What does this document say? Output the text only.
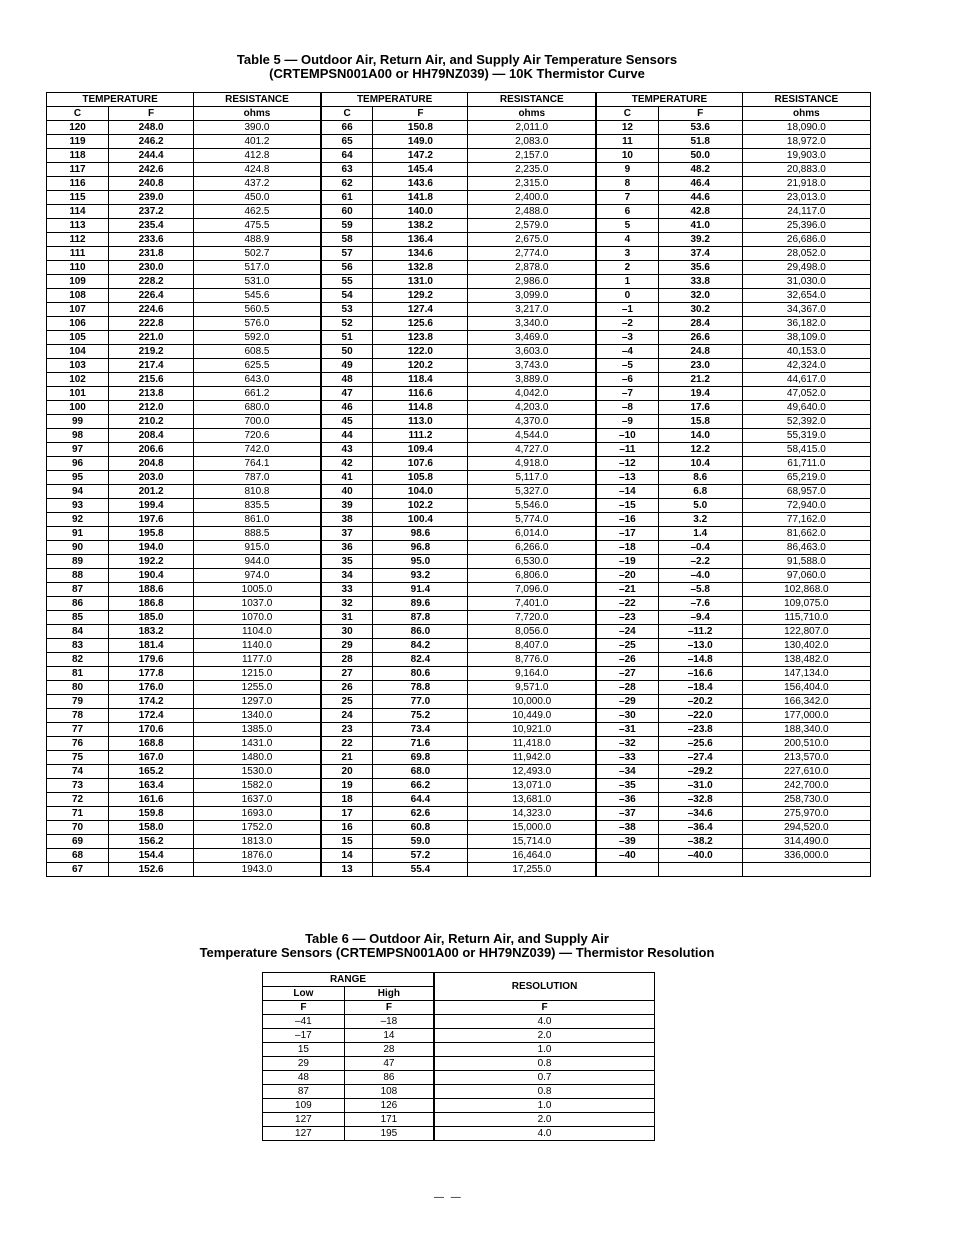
Table 5 — Outdoor Air, Return Air, and Supply Air Temperature Sensors
(CRTEMPSN001A00 or HH79NZ039) — 10K Thermistor Curve
TEMPERATURE		RESISTANCE	TEMPERATURE		RESISTANCE	TEMPERATURE		RESISTANCE
C	F	ohms	C	F	ohms	C	F	ohms
120	248.0	390.0	66	150.8	2,011.0	12	53.6	18,090.0
119	246.2	401.2	65	149.0	2,083.0	11	51.8	18,972.0
118	244.4	412.8	64	147.2	2,157.0	10	50.0	19,903.0
117	242.6	424.8	63	145.4	2,235.0	9	48.2	20,883.0
116	240.8	437.2	62	143.6	2,315.0	8	46.4	21,918.0
115	239.0	450.0	61	141.8	2,400.0	7	44.6	23,013.0
114	237.2	462.5	60	140.0	2,488.0	6	42.8	24,117.0
113	235.4	475.5	59	138.2	2,579.0	5	41.0	25,396.0
112	233.6	488.9	58	136.4	2,675.0	4	39.2	26,686.0
111	231.8	502.7	57	134.6	2,774.0	3	37.4	28,052.0
110	230.0	517.0	56	132.8	2,878.0	2	35.6	29,498.0
109	228.2	531.0	55	131.0	2,986.0	1	33.8	31,030.0
108	226.4	545.6	54	129.2	3,099.0	0	32.0	32,654.0
107	224.6	560.5	53	127.4	3,217.0	–1	30.2	34,367.0
106	222.8	576.0	52	125.6	3,340.0	–2	28.4	36,182.0
105	221.0	592.0	51	123.8	3,469.0	–3	26.6	38,109.0
104	219.2	608.5	50	122.0	3,603.0	–4	24.8	40,153.0
103	217.4	625.5	49	120.2	3,743.0	–5	23.0	42,324.0
102	215.6	643.0	48	118.4	3,889.0	–6	21.2	44,617.0
101	213.8	661.2	47	116.6	4,042.0	–7	19.4	47,052.0
100	212.0	680.0	46	114.8	4,203.0	–8	17.6	49,640.0
99	210.2	700.0	45	113.0	4,370.0	–9	15.8	52,392.0
98	208.4	720.6	44	111.2	4,544.0	–10	14.0	55,319.0
97	206.6	742.0	43	109.4	4,727.0	–11	12.2	58,415.0
96	204.8	764.1	42	107.6	4,918.0	–12	10.4	61,711.0
95	203.0	787.0	41	105.8	5,117.0	–13	8.6	65,219.0
94	201.2	810.8	40	104.0	5,327.0	–14	6.8	68,957.0
93	199.4	835.5	39	102.2	5,546.0	–15	5.0	72,940.0
92	197.6	861.0	38	100.4	5,774.0	–16	3.2	77,162.0
91	195.8	888.5	37	98.6	6,014.0	–17	1.4	81,662.0
90	194.0	915.0	36	96.8	6,266.0	–18	–0.4	86,463.0
89	192.2	944.0	35	95.0	6,530.0	–19	–2.2	91,588.0
88	190.4	974.0	34	93.2	6,806.0	–20	–4.0	97,060.0
87	188.6	1005.0	33	91.4	7,096.0	–21	–5.8	102,868.0
86	186.8	1037.0	32	89.6	7,401.0	–22	–7.6	109,075.0
85	185.0	1070.0	31	87.8	7,720.0	–23	–9.4	115,710.0
84	183.2	1104.0	30	86.0	8,056.0	–24	–11.2	122,807.0
83	181.4	1140.0	29	84.2	8,407.0	–25	–13.0	130,402.0
82	179.6	1177.0	28	82.4	8,776.0	–26	–14.8	138,482.0
81	177.8	1215.0	27	80.6	9,164.0	–27	–16.6	147,134.0
80	176.0	1255.0	26	78.8	9,571.0	–28	–18.4	156,404.0
79	174.2	1297.0	25	77.0	10,000.0	–29	–20.2	166,342.0
78	172.4	1340.0	24	75.2	10,449.0	–30	–22.0	177,000.0
77	170.6	1385.0	23	73.4	10,921.0	–31	–23.8	188,340.0
76	168.8	1431.0	22	71.6	11,418.0	–32	–25.6	200,510.0
75	167.0	1480.0	21	69.8	11,942.0	–33	–27.4	213,570.0
74	165.2	1530.0	20	68.0	12,493.0	–34	–29.2	227,610.0
73	163.4	1582.0	19	66.2	13,071.0	–35	–31.0	242,700.0
72	161.6	1637.0	18	64.4	13,681.0	–36	–32.8	258,730.0
71	159.8	1693.0	17	62.6	14,323.0	–37	–34.6	275,970.0
70	158.0	1752.0	16	60.8	15,000.0	–38	–36.4	294,520.0
69	156.2	1813.0	15	59.0	15,714.0	–39	–38.2	314,490.0
68	154.4	1876.0	14	57.2	16,464.0	–40	–40.0	336,000.0
67	152.6	1943.0	13	55.4	17,255.0			
Table 6 — Outdoor Air, Return Air, and Supply Air
Temperature Sensors (CRTEMPSN001A00 or HH79NZ039) — Thermistor Resolution
RANGE		RESOLUTION
Low	High	
F	F	F
–41	–18	4.0
–17	14	2.0
15	28	1.0
29	47	0.8
48	86	0.7
87	108	0.8
109	126	1.0
127	171	2.0
127	195	4.0
— —
